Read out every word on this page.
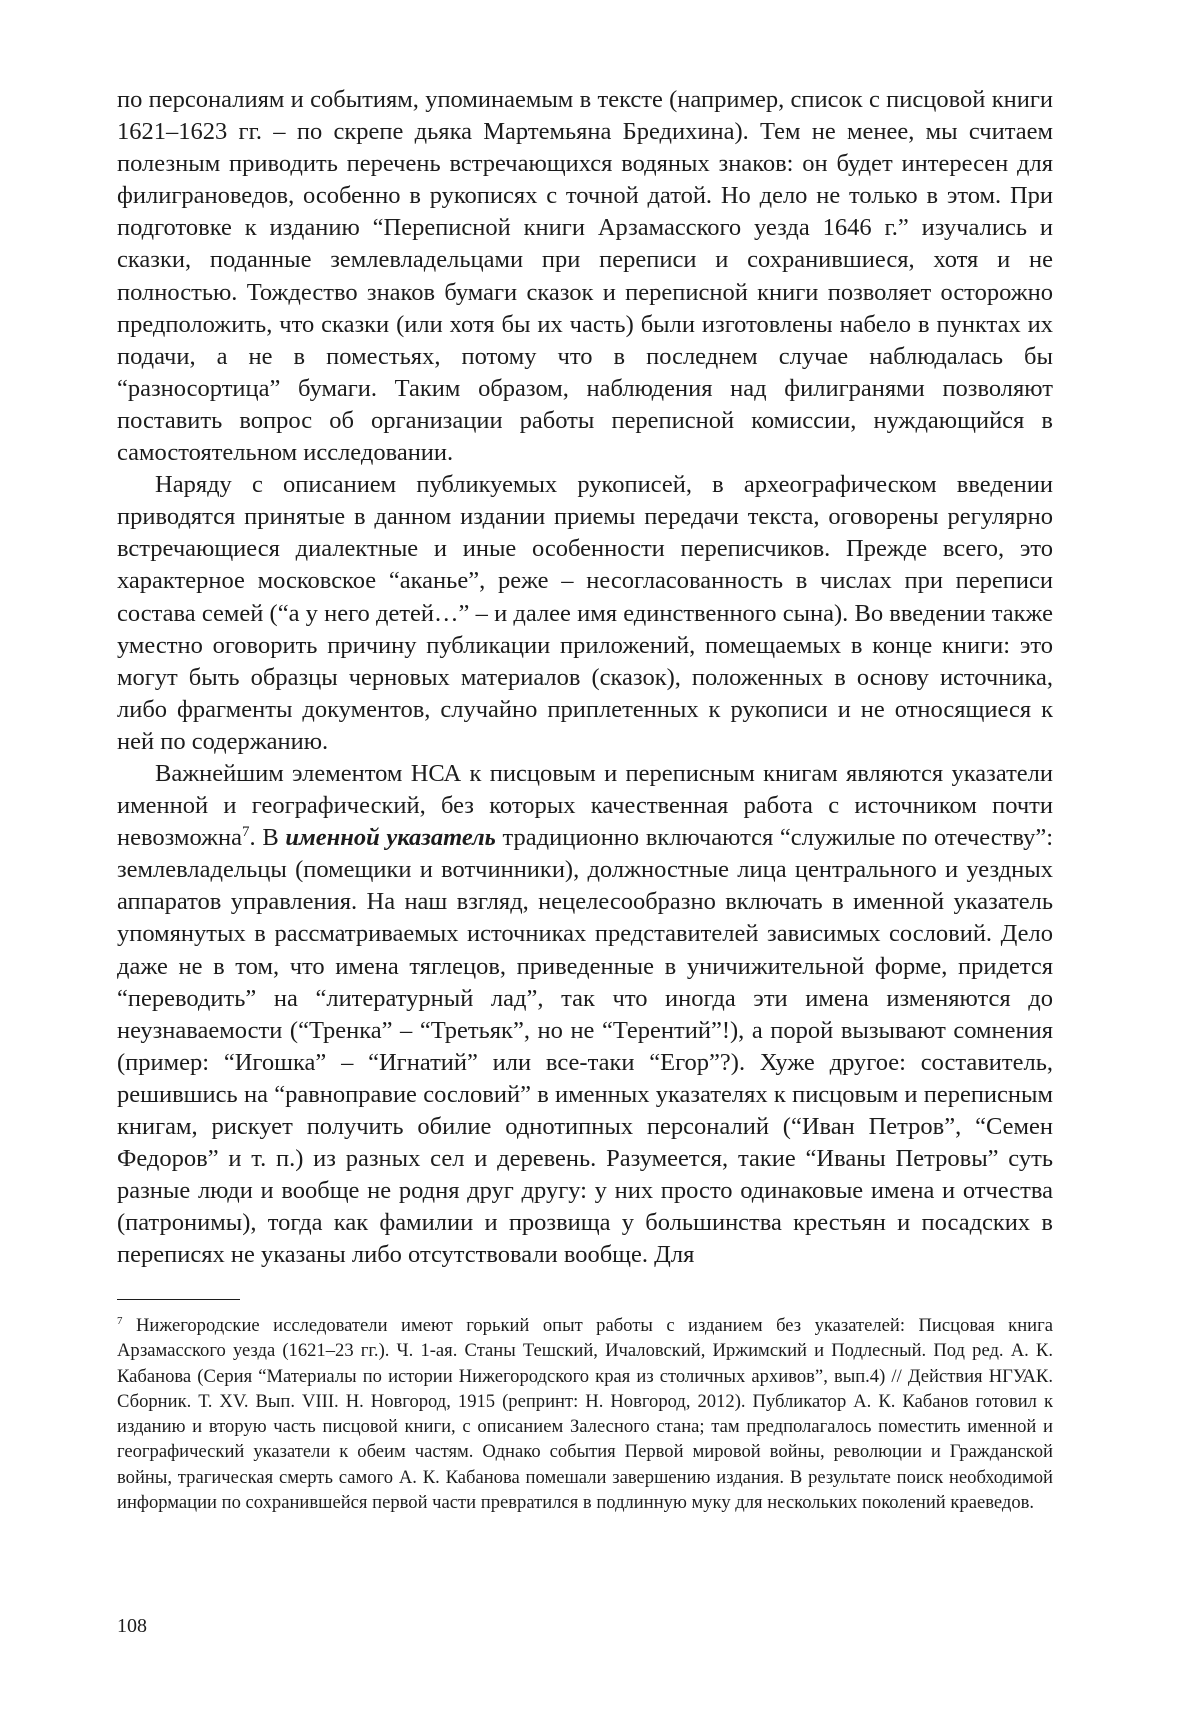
по персоналиям и событиям, упоминаемым в тексте (например, список с писцовой книги 1621–1623 гг. – по скрепе дьяка Мартемьяна Бредихина). Тем не менее, мы считаем полезным приводить перечень встречающихся водяных знаков: он будет интересен для филиграноведов, особенно в рукописях с точной датой. Но дело не только в этом. При подготовке к изданию “Переписной книги Арзамасского уезда 1646 г.” изучались и сказки, поданные землевладельцами при переписи и сохранившиеся, хотя и не полностью. Тождество знаков бумаги сказок и переписной книги позволяет осторожно предположить, что сказки (или хотя бы их часть) были изготовлены набело в пунктах их подачи, а не в поместьях, потому что в последнем случае наблюдалась бы “разносортица” бумаги. Таким образом, наблюдения над филигранями позволяют поставить вопрос об организации работы переписной комиссии, нуждающийся в самостоятельном исследовании.

Наряду с описанием публикуемых рукописей, в археографическом введении приводятся принятые в данном издании приемы передачи текста, оговорены регулярно встречающиеся диалектные и иные особенности переписчиков. Прежде всего, это характерное московское “аканье”, реже – несогласованность в числах при переписи состава семей (“а у него детей…” – и далее имя единственного сына). Во введении также уместно оговорить причину публикации приложений, помещаемых в конце книги: это могут быть образцы черновых материалов (сказок), положенных в основу источника, либо фрагменты документов, случайно приплетенных к рукописи и не относящиеся к ней по содержанию.

Важнейшим элементом НСА к писцовым и переписным книгам являются указатели именной и географический, без которых качественная работа с источником почти невозможна7. В именной указатель традиционно включаются “служилые по отечеству”: землевладельцы (помещики и вотчинники), должностные лица центрального и уездных аппаратов управления. На наш взгляд, нецелесообразно включать в именной указатель упомянутых в рассматриваемых источниках представителей зависимых сословий. Дело даже не в том, что имена тяглецов, приведенные в уничижительной форме, придется “переводить” на “литературный лад”, так что иногда эти имена изменяются до неузнаваемости (“Тренка” – “Третьяк”, но не “Терентий”!), а порой вызывают сомнения (пример: “Игошка” – “Игнатий” или все-таки “Егор”?). Хуже другое: составитель, решившись на “равноправие сословий” в именных указателях к писцовым и переписным книгам, рискует получить обилие однотипных персоналий (“Иван Петров”, “Семен Федоров” и т. п.) из разных сел и деревень. Разумеется, такие “Иваны Петровы” суть разные люди и вообще не родня друг другу: у них просто одинаковые имена и отчества (патронимы), тогда как фамилии и прозвища у большинства крестьян и посадских в переписях не указаны либо отсутствовали вообще. Для

7 Нижегородские исследователи имеют горький опыт работы с изданием без указателей: Писцовая книга Арзамасского уезда (1621–23 гг.). Ч. 1-ая. Станы Тешский, Ичаловский, Иржимский и Подлесный. Под ред. А. К. Кабанова (Серия “Материалы по истории Нижегородского края из столичных архивов”, вып.4) // Действия НГУАК. Сборник. Т. XV. Вып. VIII. Н. Новгород, 1915 (репринт: Н. Новгород, 2012). Публикатор А. К. Кабанов готовил к изданию и вторую часть писцовой книги, с описанием Залесного стана; там предполагалось поместить именной и географический указатели к обеим частям. Однако события Первой мировой войны, революции и Гражданской войны, трагическая смерть самого А. К. Кабанова помешали завершению издания. В результате поиск необходимой информации по сохранившейся первой части превратился в подлинную муку для нескольких поколений краеведов.

108
